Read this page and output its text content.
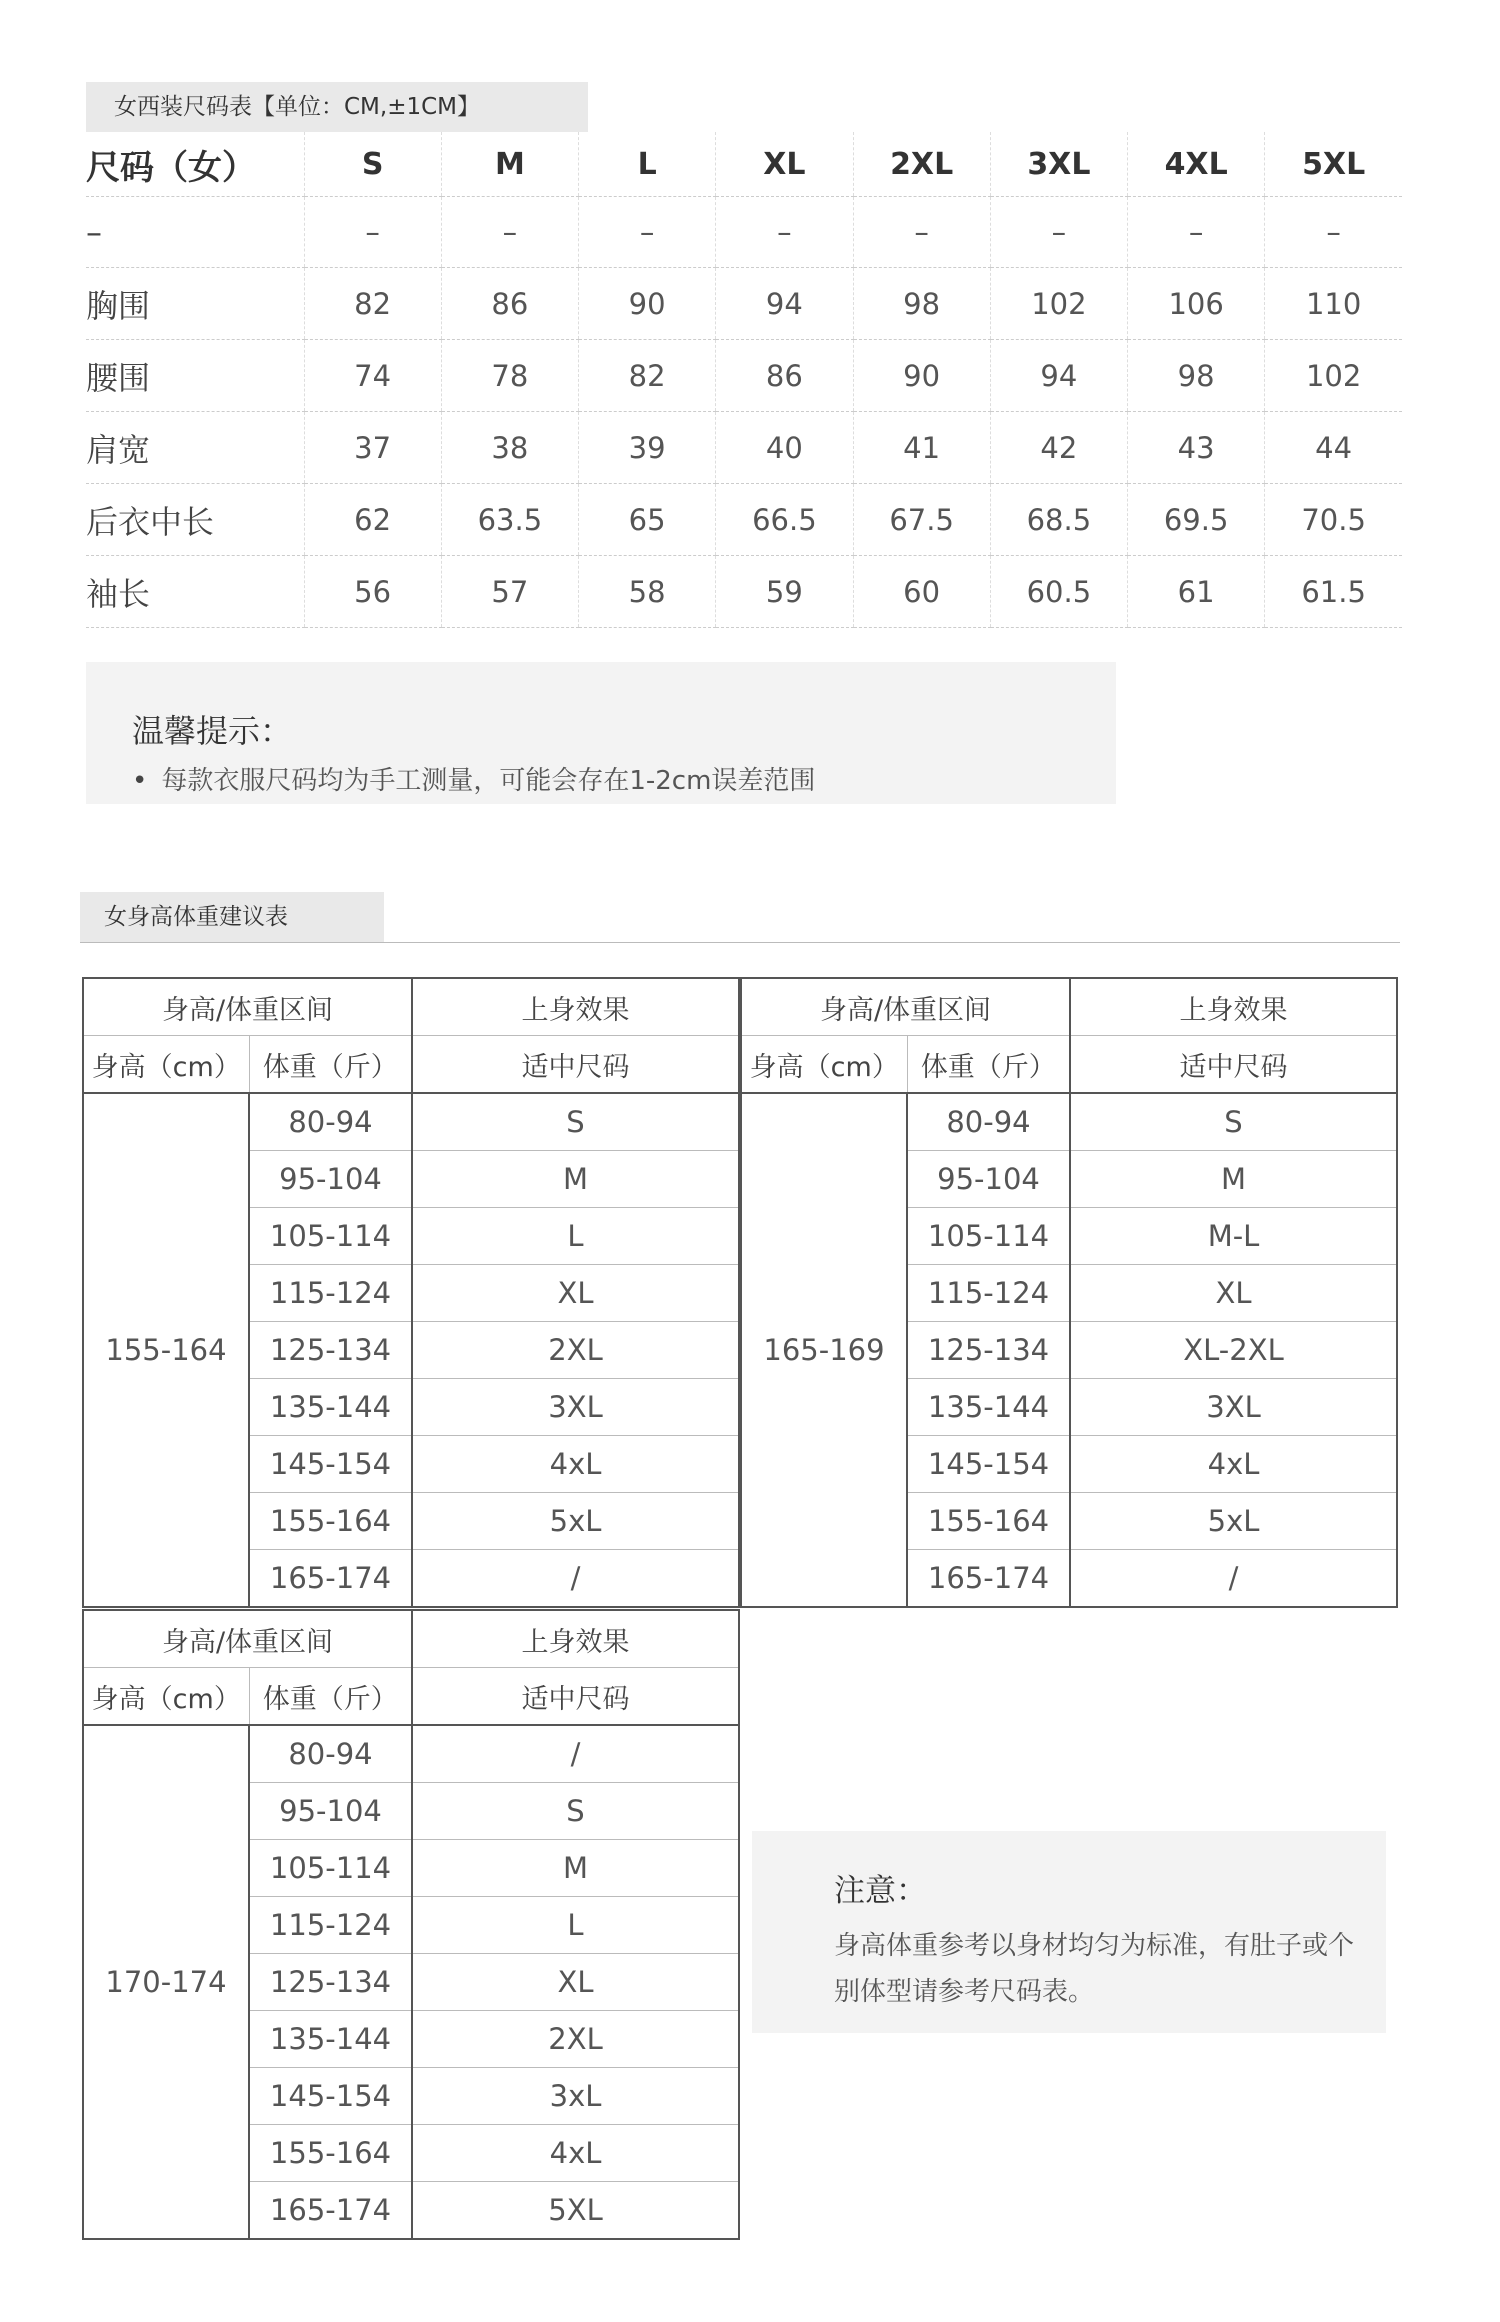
女西装尺码表【单位：CM,±1CM】
尺码（女）	S	M	L	XL	2XL	3XL	4XL	5XL
–	–	–	–	–	–	–	–	–
胸围	82	86	90	94	98	102	106	110
腰围	74	78	82	86	90	94	98	102
肩宽	37	38	39	40	41	42	43	44
后衣中长	62	63.5	65	66.5	67.5	68.5	69.5	70.5
袖长	56	57	58	59	60	60.5	61	61.5
温馨提示：
• 每款衣服尺码均为手工测量，可能会存在1-2cm误差范围
女身高体重建议表
身高/体重区间		上身效果
身高（cm）	体重（斤）	适中尺码
155-164	80-94	S
	95-104	M
	105-114	L
	115-124	XL
	125-134	2XL
	135-144	3XL
	145-154	4xL
	155-164	5xL
	165-174	/
身高/体重区间		上身效果
身高（cm）	体重（斤）	适中尺码
165-169	80-94	S
	95-104	M
	105-114	M-L
	115-124	XL
	125-134	XL-2XL
	135-144	3XL
	145-154	4xL
	155-164	5xL
	165-174	/
身高/体重区间		上身效果
身高（cm）	体重（斤）	适中尺码
170-174	80-94	/
	95-104	S
	105-114	M
	115-124	L
	125-134	XL
	135-144	2XL
	145-154	3xL
	155-164	4xL
	165-174	5XL
注意：
身高体重参考以身材均匀为标准，有肚子或个别体型请参考尺码表。
